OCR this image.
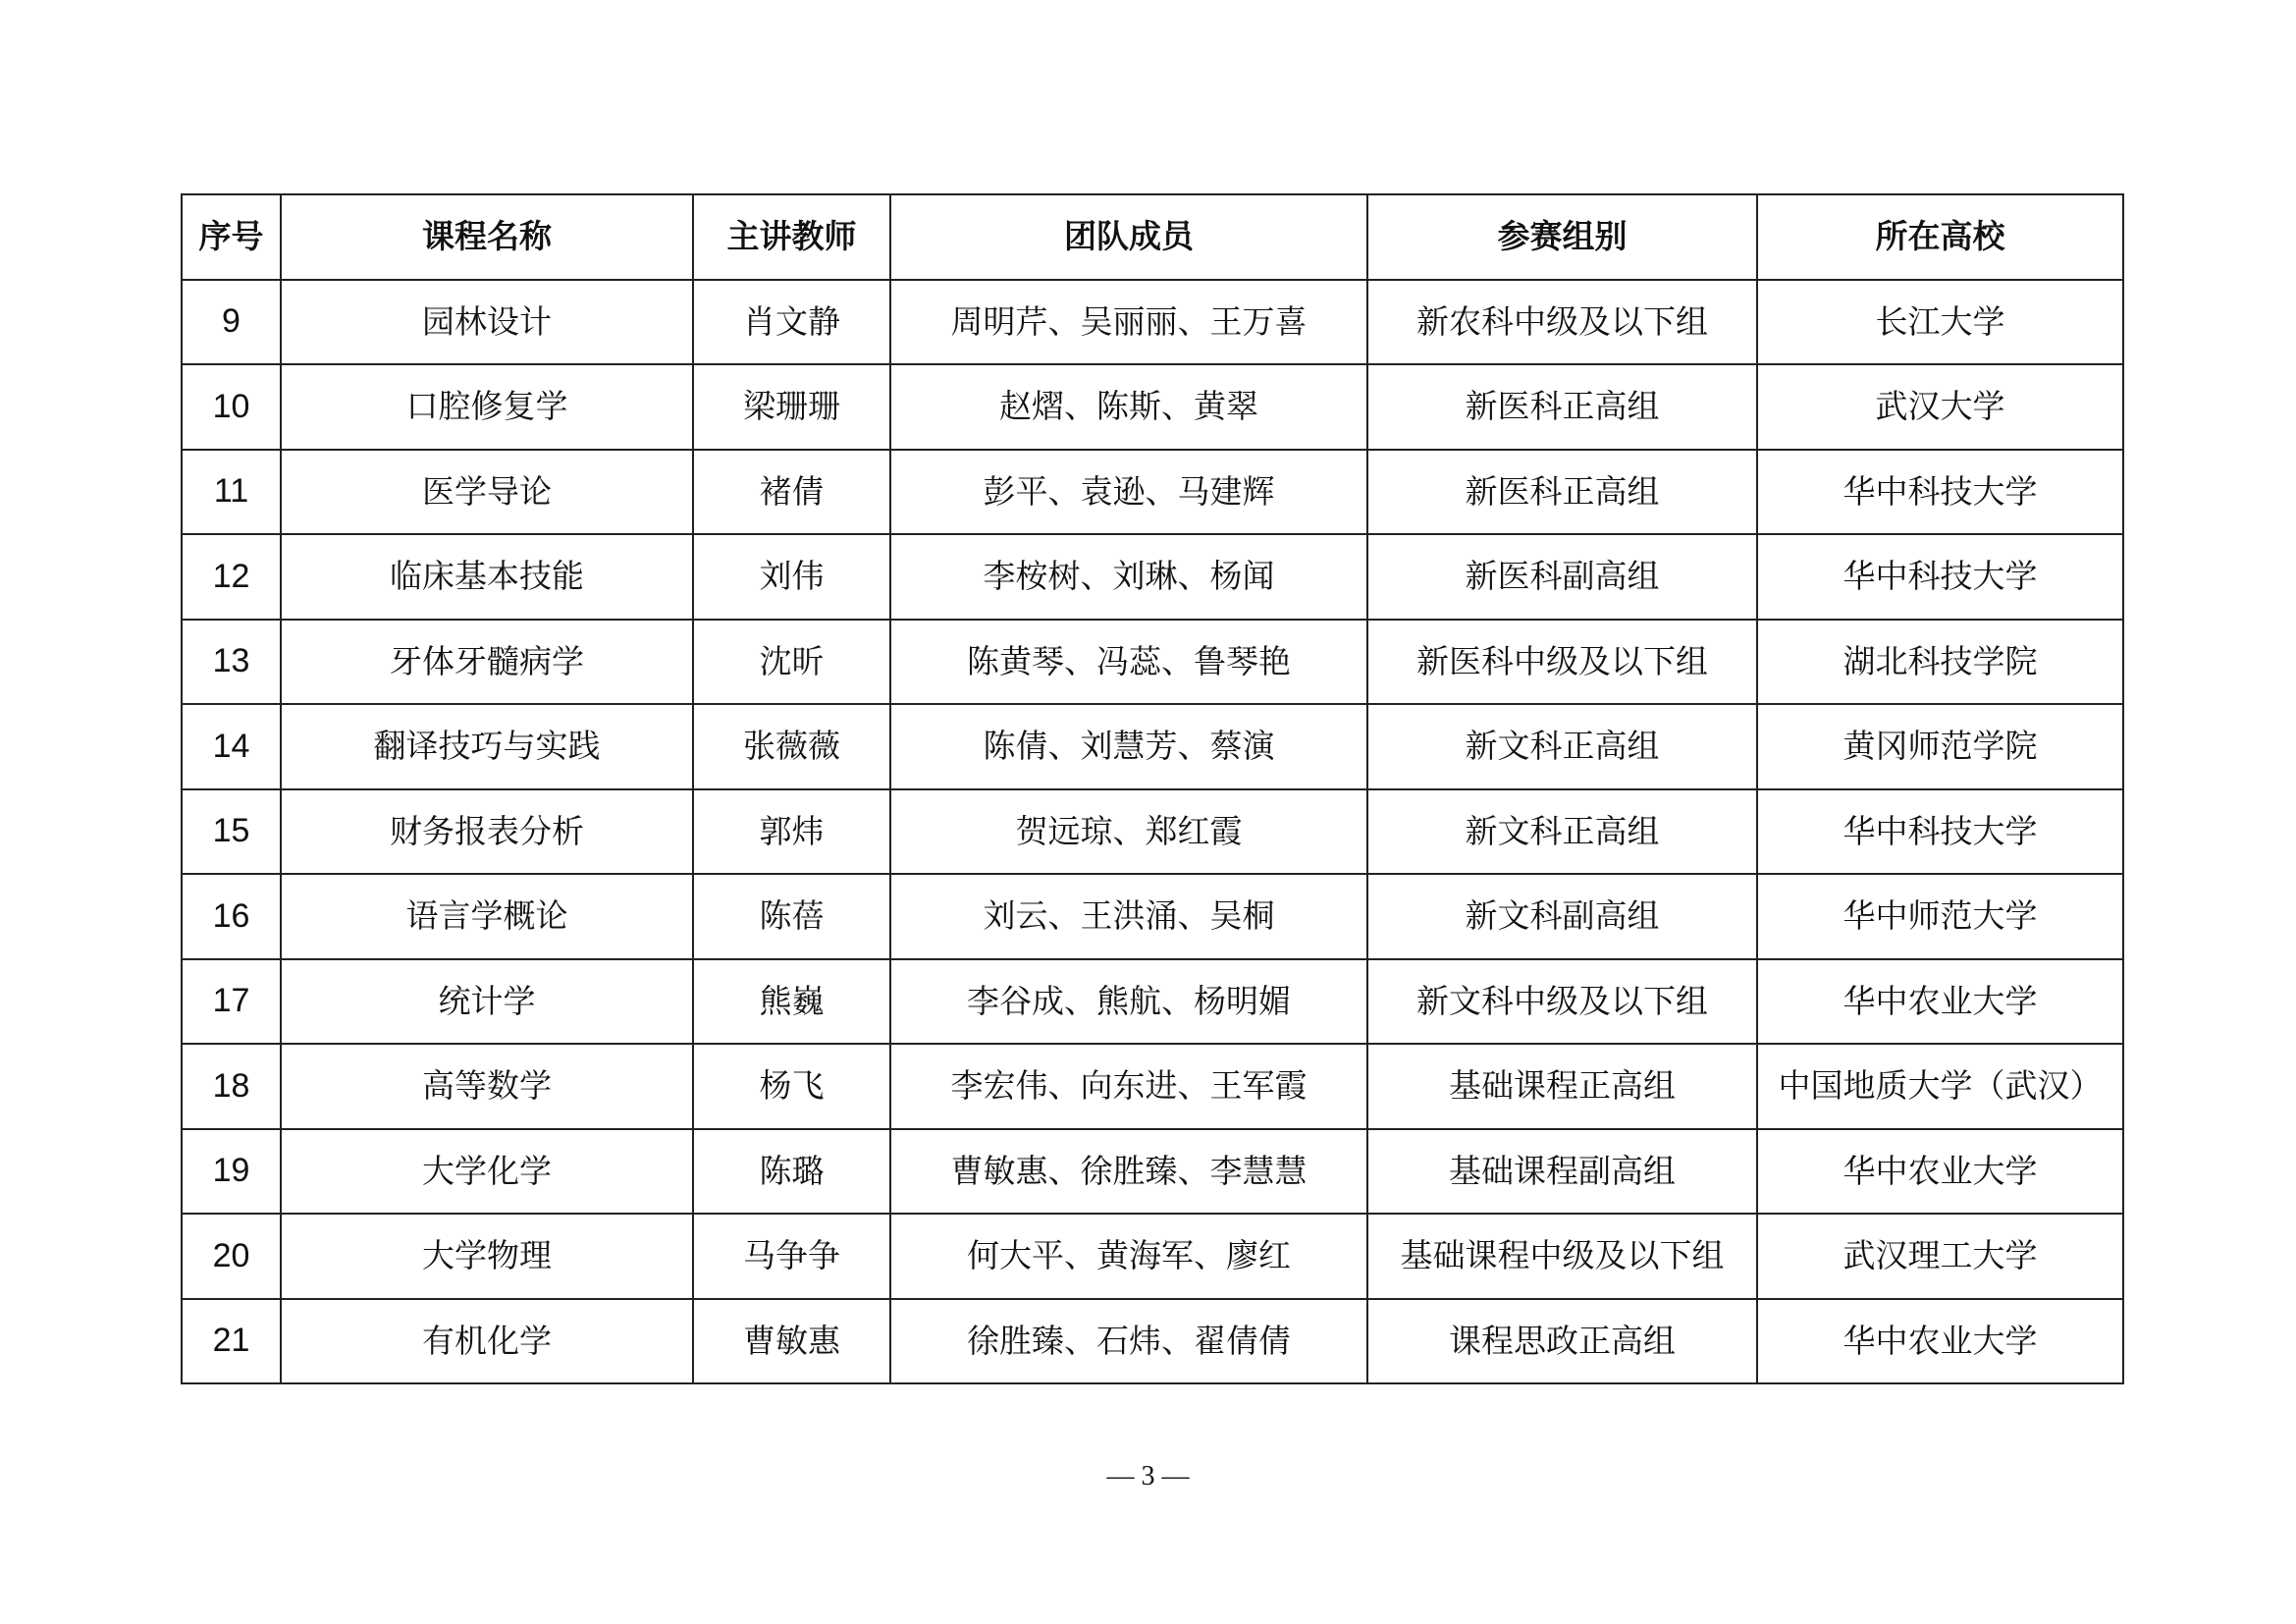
序号	课程名称	主讲教师	团队成员	参赛组别	所在高校
9	园林设计	肖文静	周明芹、吴丽丽、王万喜	新农科中级及以下组	长江大学
10	口腔修复学	梁珊珊	赵熠、陈斯、黄翠	新医科正高组	武汉大学
11	医学导论	褚倩	彭平、袁逊、马建辉	新医科正高组	华中科技大学
12	临床基本技能	刘伟	李桉树、刘琳、杨闻	新医科副高组	华中科技大学
13	牙体牙髓病学	沈昕	陈黄琴、冯蕊、鲁琴艳	新医科中级及以下组	湖北科技学院
14	翻译技巧与实践	张薇薇	陈倩、刘慧芳、蔡演	新文科正高组	黄冈师范学院
15	财务报表分析	郭炜	贺远琼、郑红霞	新文科正高组	华中科技大学
16	语言学概论	陈蓓	刘云、王洪涌、吴桐	新文科副高组	华中师范大学
17	统计学	熊巍	李谷成、熊航、杨明媚	新文科中级及以下组	华中农业大学
18	高等数学	杨飞	李宏伟、向东进、王军霞	基础课程正高组	中国地质大学（武汉）
19	大学化学	陈璐	曹敏惠、徐胜臻、李慧慧	基础课程副高组	华中农业大学
20	大学物理	马争争	何大平、黄海军、廖红	基础课程中级及以下组	武汉理工大学
21	有机化学	曹敏惠	徐胜臻、石炜、翟倩倩	课程思政正高组	华中农业大学
— 3 —
